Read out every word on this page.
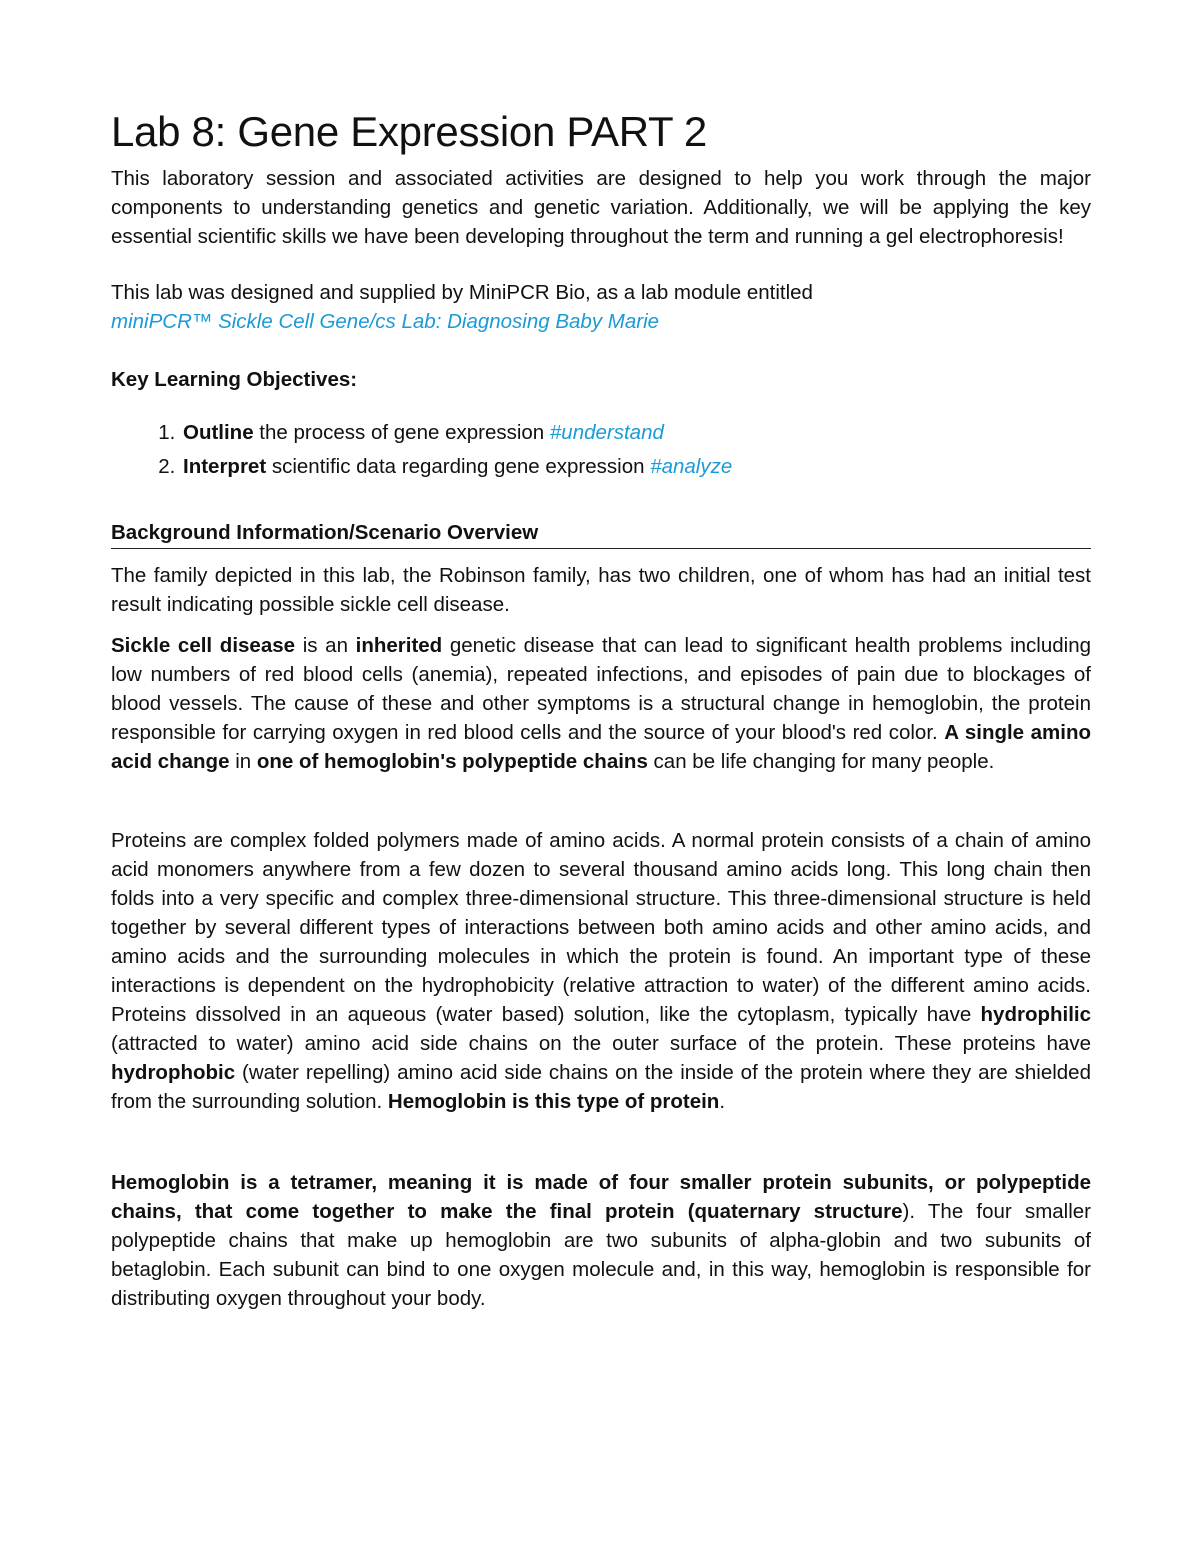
Lab 8: Gene Expression PART 2

This laboratory session and associated activities are designed to help you work through the major components to understanding genetics and genetic variation. Additionally, we will be applying the key essential scientific skills we have been developing throughout the term and running a gel electrophoresis!

This lab was designed and supplied by MiniPCR Bio, as a lab module entitled
miniPCR™ Sickle Cell Gene/cs Lab: Diagnosing Baby Marie

Key Learning Objectives:
1. Outline the process of gene expression #understand
2. Interpret scientific data regarding gene expression #analyze
Background Information/Scenario Overview

The family depicted in this lab, the Robinson family, has two children, one of whom has had an initial test result indicating possible sickle cell disease.

Sickle cell disease is an inherited genetic disease that can lead to significant health problems including low numbers of red blood cells (anemia), repeated infections, and episodes of pain due to blockages of blood vessels. The cause of these and other symptoms is a structural change in hemoglobin, the protein responsible for carrying oxygen in red blood cells and the source of your blood's red color. A single amino acid change in one of hemoglobin's polypeptide chains can be life changing for many people.

Proteins are complex folded polymers made of amino acids. A normal protein consists of a chain of amino acid monomers anywhere from a few dozen to several thousand amino acids long. This long chain then folds into a very specific and complex three-dimensional structure. This three-dimensional structure is held together by several different types of interactions between both amino acids and other amino acids, and amino acids and the surrounding molecules in which the protein is found. An important type of these interactions is dependent on the hydrophobicity (relative attraction to water) of the different amino acids. Proteins dissolved in an aqueous (water based) solution, like the cytoplasm, typically have hydrophilic (attracted to water) amino acid side chains on the outer surface of the protein. These proteins have hydrophobic (water repelling) amino acid side chains on the inside of the protein where they are shielded from the surrounding solution. Hemoglobin is this type of protein.

Hemoglobin is a tetramer, meaning it is made of four smaller protein subunits, or polypeptide chains, that come together to make the final protein (quaternary structure). The four smaller polypeptide chains that make up hemoglobin are two subunits of alpha-globin and two subunits of betaglobin. Each subunit can bind to one oxygen molecule and, in this way, hemoglobin is responsible for distributing oxygen throughout your body.
